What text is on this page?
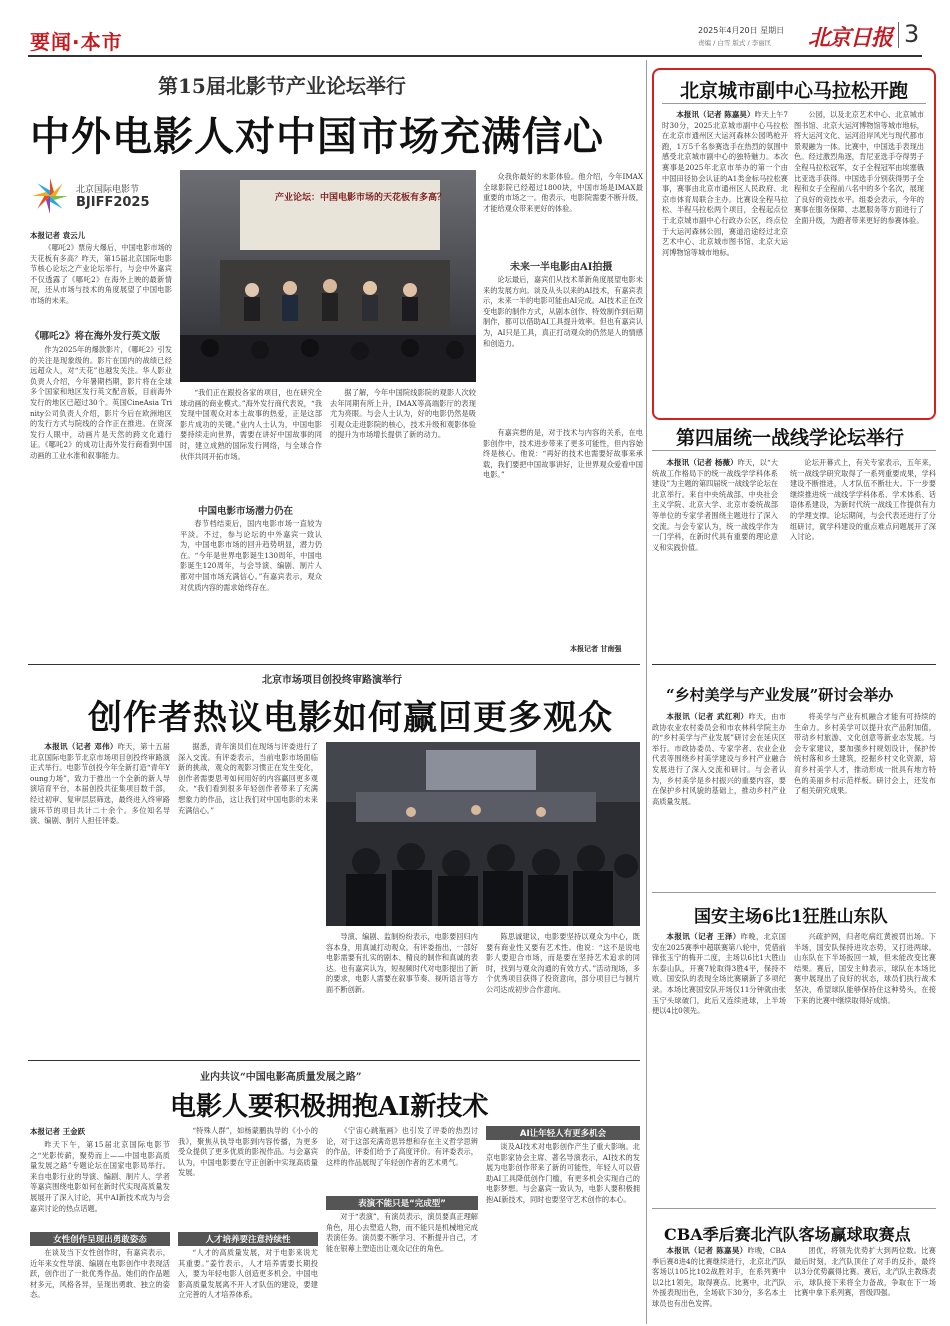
要闻·本市	2025年4月20日 星期日
责编 / 白雪 版式 / 李丽匡 北京日报 3
第15届北影节产业论坛举行
中外电影人对中国市场充满信心
北京国际电影节
BJIFF2025
本报记者 袁云儿

《哪吒2》票房大爆后，中国电影市场的天花板有多高？昨天，第15届北京国际电影节核心论坛之产业论坛举行，与会中外嘉宾不仅透露了《哪吒2》在海外上映的最新情况，还从市场与技术的角度展望了中国电影市场的未来。

《哪吒2》将在海外发行英文版

作为2025年的爆款影片，《哪吒2》引发的关注是现象级的。影片在国内的战绩已经远超众人，对“天花”也越发关注。华人影业负责人介绍，今年暑期档期，影片将在全球多个国家和地区发行英文配音版，目前海外发行的地区已超过30个。英国CineAsia Trinity公司负责人介绍，影片今后在欧洲地区的发行方式与院线的合作正在推进。在资深发行人眼中，动画片是天然的跨文化通行证。《哪吒2》的成功让海外发行商看到中国动画的工业水准和叙事能力。

产业论坛：中国电影市场的天花板有多高？

“我们正在跟投各家的项目，也在研究全球动画的商业模式。”海外发行商代表说，“我发现中国观众对本土故事的热爱，正是这部影片成功的关键。”业内人士认为，中国电影要持续走向世界，需要在讲好中国故事的同时，建立成熟的国际发行网络，与全球合作伙伴共同开拓市场。

中国电影市场潜力仍在

春节档结束后，国内电影市场一直较为平淡。不过，参与论坛的中外嘉宾一致认为，中国电影市场的回升趋势明显，潜力仍在。“今年是世界电影诞生130周年，中国电影诞生120周年，与会导演、编剧、制片人都对中国市场充满信心。”有嘉宾表示，观众对优质内容的需求始终存在。

据了解，今年中国院线影院的观影人次较去年同期有所上升，IMAX等高端影厅的表现尤为亮眼。与会人士认为，好的电影仍然是吸引观众走进影院的核心，技术升级和观影体验的提升为市场增长提供了新的动力。

众我你最好的未影体验。他介绍，今年IMAX全球影院已经超过1800块，中国市场是IMAX最重要的市场之一。他表示，电影院需要不断升级，才能给观众带来更好的体验。

未来一半电影由AI拍摄

论坛最后，嘉宾们从技术革新角度展望电影未来的发展方向。谈及从头以来的AI技术，有嘉宾表示，未来一半的电影可能由AI完成。AI技术正在改变电影的制作方式，从剧本创作、特效制作到后期制作，都可以借助AI工具提升效率。但也有嘉宾认为，AI只是工具，真正打动观众的仍然是人的情感和创造力。

有嘉宾想的是，对于技术与内容的关系，在电影创作中，技术进步带来了更多可能性，但内容始终是核心。他说：“再好的技术也需要好故事来承载，我们要把中国故事讲好，让世界观众爱看中国电影。”

本报记者 甘南强
北京城市副中心马拉松开跑

本报讯（记者 陈嘉昊）昨天上午7时30分，2025北京城市副中心马拉松在北京市通州区大运河森林公园鸣枪开跑，1万5千名参赛选手在热烈的氛围中感受北京城市副中心的独特魅力。本次赛事是2025年北京市举办的第一个由中国田径协会认证的A1类金标马拉松赛事，赛事由北京市通州区人民政府、北京市体育局联合主办。比赛设全程马拉松、半程马拉松两个项目，全程起点位于北京城市副中心行政办公区，终点位于大运河森林公园，赛道沿途经过北京艺术中心、北京城市图书馆、北京大运河博物馆等城市地标。

公园，以及北京艺术中心、北京城市图书馆、北京大运河博物馆等城市地标，将大运河文化、运河沿岸风光与现代都市景观融为一体。比赛中，中国选手表现出色。经过激烈角逐，肯尼亚选手夺得男子全程马拉松冠军，女子全程冠军由埃塞俄比亚选手获得。中国选手分别获得男子全程和女子全程前八名中的多个名次，展现了良好的竞技水平。组委会表示，今年的赛事在服务保障、志愿服务等方面进行了全面升级，为跑者带来更好的参赛体验。

第四届统一战线学论坛举行

本报讯（记者 杨薇）昨天，以“大统战工作格局下的统一战线学学科体系建设”为主题的第四届统一战线学论坛在北京举行。来自中央统战部、中央社会主义学院、北京大学、北京市委统战部等单位的专家学者围绕主题进行了深入交流。与会专家认为，统一战线学作为一门学科，在新时代具有重要的理论意义和实践价值。

论坛开幕式上，有关专家表示，五年来，统一战线学研究取得了一系列重要成果，学科建设不断推进，人才队伍不断壮大。下一步要继续推进统一战线学学科体系、学术体系、话语体系建设，为新时代统一战线工作提供有力的学理支撑。论坛期间，与会代表还进行了分组研讨，就学科建设的重点难点问题展开了深入讨论。

北京市场项目创投终审路演举行
创作者热议电影如何赢回更多观众

本报讯（记者 邓伟）昨天，第十五届北京国际电影节北京市场项目创投终审路演正式举行。电影节创投今年全新打造“青年Young力场”，致力于推出一个全新的新人导演培育平台，本届创投共征集项目数千部，经过初审、复审层层筛选，最终进入终审路演环节的项目共计二十余个。多位知名导演、编剧、制片人担任评委。

据悉，青年演员们在现场与评委进行了深入交流。有评委表示，当前电影市场面临新的挑战，观众的观影习惯正在发生变化，创作者需要思考如何用好的内容赢回更多观众。“我们看到很多年轻创作者带来了充满想象力的作品，这让我们对中国电影的未来充满信心。”

导演、编剧、监制纷纷表示，电影要回归内容本身，用真诚打动观众。有评委指出，一部好电影需要有扎实的剧本、精良的制作和真诚的表达。也有嘉宾认为，短视频时代对电影提出了新的要求，电影人需要在叙事节奏、视听语言等方面不断创新。

陈思诚建议，电影要坚持以观众为中心，既要有商业性又要有艺术性。他说：“这不是说电影人要迎合市场，而是要在坚持艺术追求的同时，找到与观众沟通的有效方式。”活动现场，多个优秀项目获得了投资意向，部分项目已与制片公司达成初步合作意向。

“乡村美学与产业发展”研讨会举办

本报讯（记者 武红利）昨天，由市政协农业农村委员会和市农林科学院主办的“乡村美学与产业发展”研讨会在延庆区举行。市政协委员、专家学者、农业企业代表等围绕乡村美学建设与乡村产业融合发展进行了深入交流和研讨。与会者认为，乡村美学是乡村振兴的重要内容，要在保护乡村风貌的基础上，推动乡村产业高质量发展。

将美学与产业有机融合才能有可持续的生命力。乡村美学可以提升农产品附加值，带动乡村旅游、文化创意等新业态发展。与会专家建议，要加强乡村规划设计，保护传统村落和乡土建筑，挖掘乡村文化资源，培育乡村美学人才，推动形成一批具有地方特色的美丽乡村示范样板。研讨会上，还发布了相关研究成果。

国安主场6比1狂胜山东队

本报讯（记者 王泽）昨晚，北京国安在2025赛季中超联赛第八轮中，凭借前锋张玉宁的梅开二度，主场以6比1大胜山东泰山队，开赛7轮取得3胜4平，保持不败。国安队的表现全场比赛刷新了多项纪录。本场比赛国安队开场仅11分钟就由张玉宁头球破门，此后又连续进球，上半场便以4比0领先。

兴疏护网，归者吃病红黄被罚出场。下半场，国安队保持进攻态势，又打进两球。山东队在下半场扳回一城，但未能改变比赛结果。赛后，国安主帅表示，球队在本场比赛中展现出了良好的状态，球员们执行战术坚决，希望球队能够保持住这种势头，在接下来的比赛中继续取得好成绩。

CBA季后赛北汽队客场赢球取赛点

本报讯（记者 陈嘉昊）昨晚，CBA季后赛8进4的比赛继续进行，北京北汽队客场以105比102战胜对手，在系列赛中以2比1领先，取得赛点。比赛中，北汽队外援表现出色，全场砍下30分，多名本土球员也有出色发挥。

团优，将领先优势扩大到两位数。比赛最后时刻，北汽队顶住了对手的反扑，最终以3分优势赢得比赛。赛后，北汽队主教练表示，球队接下来将全力备战，争取在下一场比赛中拿下系列赛，晋级四强。

业内共议“中国电影高质量发展之路”
电影人要积极拥抱AI新技术
本报记者 王金跃

昨天下午，第15届北京国际电影节之“光影传薪，聚势而上——中国电影高质量发展之路”专题论坛在国家电影局举行。来自电影行业的导演、编剧、制片人、学者等嘉宾围绕电影如何在新时代实现高质量发展展开了深入讨论，其中AI新技术成为与会嘉宾讨论的热点话题。

女性创作呈现出勇敢姿态

在谈及当下女性创作时，有嘉宾表示，近年来女性导演、编剧在电影创作中表现活跃，创作出了一批优秀作品。她们的作品题材多元，风格各异，呈现出勇敢、独立的姿态。

“特殊人群”，如杨蒙鹏执导的《小小的我》，聚焦从执导电影到内容传播，为更多受众提供了更多优质的影视作品。与会嘉宾认为，中国电影要在守正创新中实现高质量发展。

人才培养要注意持续性

“人才的高质量发展，对于电影来说尤其重要。”姜竹表示，人才培养需要长期投入，要为年轻电影人创造更多机会。中国电影高质量发展离不开人才队伍的建设，要建立完善的人才培养体系。

《宁宙心跳瓶画》也引发了评委的热烈讨论，对于这部充满奇思异想和存在主义哲学思辨的作品，评委们给予了高度评价。有评委表示，这样的作品展现了年轻创作者的艺术勇气。

表演不能只是“完成型”

对于“表演”，有演员表示，演员要真正理解角色，用心去塑造人物，而不能只是机械地完成表演任务。演员要不断学习、不断提升自己，才能在银幕上塑造出让观众记住的角色。

AI让年轻人有更多机会

谈及AI技术对电影创作产生了重大影响。北京电影家协会主席、著名导演表示，AI技术的发展为电影创作带来了新的可能性，年轻人可以借助AI工具降低创作门槛，有更多机会实现自己的电影梦想。与会嘉宾一致认为，电影人要积极拥抱AI新技术，同时也要坚守艺术创作的本心。
